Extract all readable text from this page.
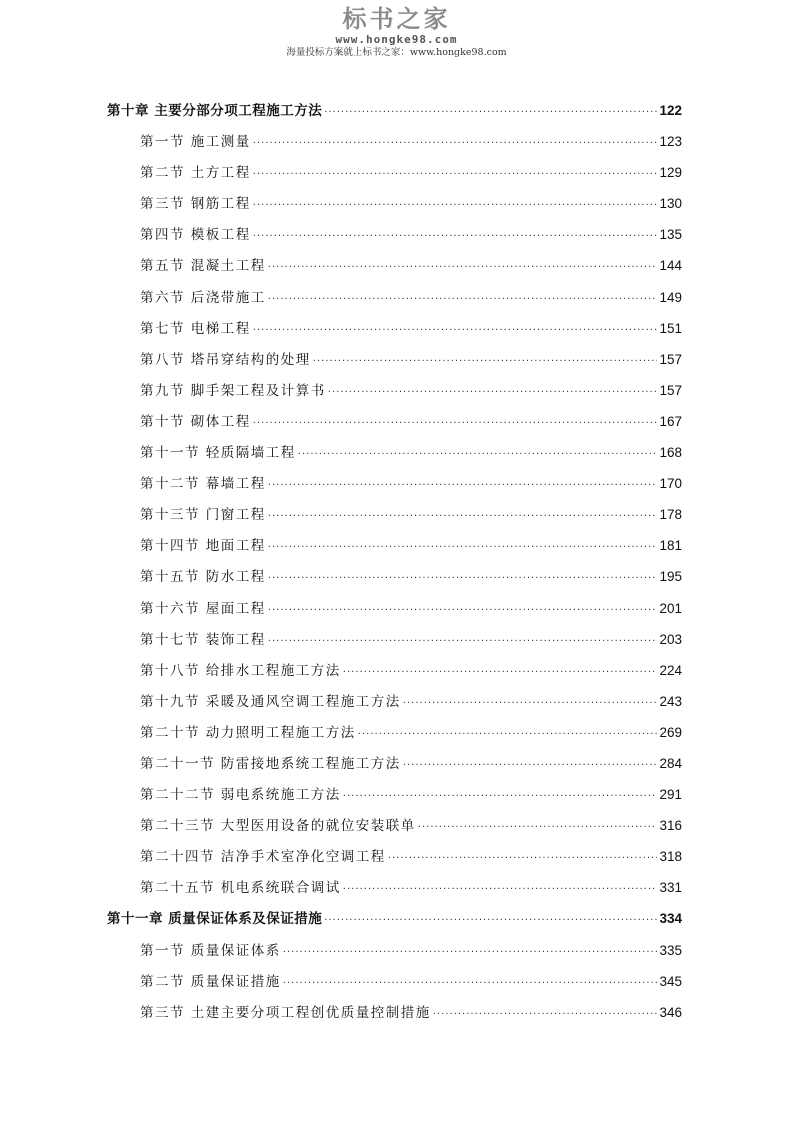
标书之家
www.hongke98.com
海量投标方案就上标书之家：www.hongke98.com
第十章 主要分部分项工程施工方法 ·····	122
第一节 施工测量 ·····	123
第二节 土方工程 ·····	129
第三节 钢筋工程 ·····	130
第四节 模板工程 ·····	135
第五节 混凝土工程 ·····	144
第六节 后浇带施工 ·····	149
第七节 电梯工程 ·····	151
第八节 塔吊穿结构的处理 ·····	157
第九节 脚手架工程及计算书 ·····	157
第十节 砌体工程 ·····	167
第十一节 轻质隔墙工程 ·····	168
第十二节 幕墙工程 ·····	170
第十三节 门窗工程 ·····	178
第十四节 地面工程 ·····	181
第十五节 防水工程 ·····	195
第十六节 屋面工程 ·····	201
第十七节 装饰工程 ·····	203
第十八节 给排水工程施工方法 ·····	224
第十九节 采暖及通风空调工程施工方法 ·····	243
第二十节 动力照明工程施工方法 ·····	269
第二十一节 防雷接地系统工程施工方法 ·····	284
第二十二节 弱电系统施工方法 ·····	291
第二十三节 大型医用设备的就位安装联单 ·····	316
第二十四节 洁净手术室净化空调工程 ·····	318
第二十五节 机电系统联合调试 ·····	331
第十一章 质量保证体系及保证措施 ·····	334
第一节 质量保证体系 ·····	335
第二节 质量保证措施 ·····	345
第三节 土建主要分项工程创优质量控制措施 ·····	346
